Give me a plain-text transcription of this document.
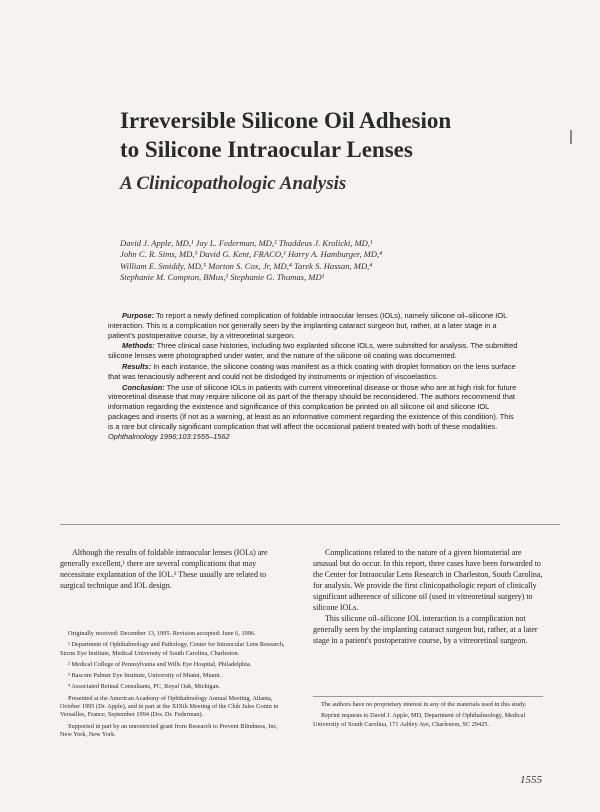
Irreversible Silicone Oil Adhesion
to Silicone Intraocular Lenses
A Clinicopathologic Analysis
David J. Apple, MD,¹ Jay L. Federman, MD,² Thaddeus J. Krolicki, MD,¹
John C. R. Sims, MD,³ David G. Kent, FRACO,¹ Harry A. Hamburger, MD,⁴
William E. Smiddy, MD,⁵ Morton S. Cox, Jr, MD,⁴ Tarek S. Hassan, MD,⁴
Stephanie M. Compton, BMus,¹ Stephanie G. Thomas, MD¹

Purpose: To report a newly defined complication of foldable intraocular lenses (IOLs), namely silicone oil–silicone IOL interaction. This is a complication not generally seen by the implanting cataract surgeon but, rather, at a later stage in a patient's postoperative course, by a vitreoretinal surgeon.

Methods: Three clinical case histories, including two explanted silicone IOLs, were submitted for analysis. The submitted silicone lenses were photographed under water, and the nature of the silicone oil coating was documented.

Results: In each instance, the silicone coating was manifest as a thick coating with droplet formation on the lens surface that was tenaciously adherent and could not be dislodged by instruments or injection of viscoelastics.

Conclusion: The use of silicone IOLs in patients with current vitreoretinal disease or those who are at high risk for future vitreoretinal disease that may require silicone oil as part of the therapy should be reconsidered. The authors recommend that information regarding the existence and significance of this complication be printed on all silicone oil and silicone IOL packages and inserts (if not as a warning, at least as an informative comment regarding the existence of this condition). This is a rare but clinically significant complication that will affect the occasional patient treated with both of these modalities. Ophthalmology 1996;103:1555–1562

Although the results of foldable intraocular lenses (IOLs) are generally excellent,¹ there are several complications that may necessitate explantation of the IOL.² These usually are related to surgical technique and IOL design.

Originally received: December 13, 1995. Revision accepted: June 6, 1996.

¹ Department of Ophthalmology and Pathology, Center for Intraocular Lens Research, Storm Eye Institute, Medical University of South Carolina, Charleston.

² Medical College of Pennsylvania and Wills Eye Hospital, Philadelphia.

³ Bascom Palmer Eye Institute, University of Miami, Miami.

⁴ Associated Retinal Consultants, PC, Royal Oak, Michigan.

Presented at the American Academy of Ophthalmology Annual Meeting, Atlanta, October 1995 (Dr. Apple), and in part at the XIXth Meeting of the Club Jules Gonin in Versailles, France, September 1994 (Drs. Dr. Federman).

Supported in part by an unrestricted grant from Research to Prevent Blindness, Inc, New York, New York.

Complications related to the nature of a given biomaterial are unusual but do occur. In this report, three cases have been forwarded to the Center for Intraocular Lens Research in Charleston, South Carolina, for analysis. We provide the first clinicopathologic report of clinically significant adherence of silicone oil (used in vitreoretinal surgery) to silicone IOLs.

This silicone oil–silicone IOL interaction is a complication not generally seen by the implanting cataract surgeon but, rather, at a later stage in a patient's postoperative course, by a vitreoretinal surgeon.

The authors have no proprietary interest in any of the materials used in this study.

Reprint requests to David J. Apple, MD, Department of Ophthalmology, Medical University of South Carolina, 171 Ashley Ave, Charleston, SC 29425.

1555
